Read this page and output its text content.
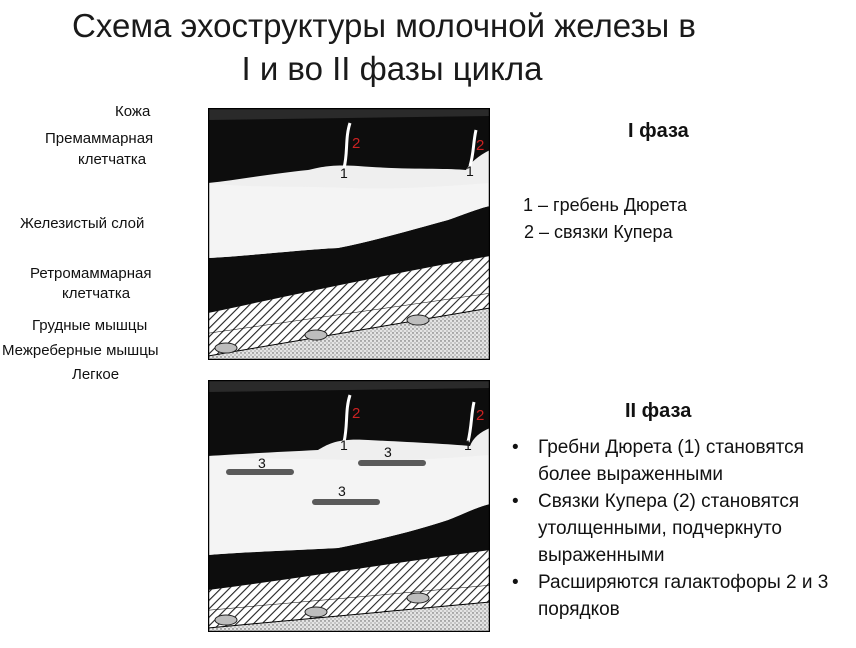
Схема эхоструктуры молочной железы в
I и во II фазы цикла
Кожа
Премаммарная
клетчатка
Железистый слой
Ретромаммарная
клетчатка
Грудные мышцы
Межреберные мышцы
Легкое
2	2
1	1
2	2
1	1
3
3
3
I фаза
1 – гребень Дюрета
2 – связки Купера
II фаза
• Гребни Дюрета (1) становятся более выраженными
• Связки Купера (2) становятся утолщенными, подчеркнуто выраженными
• Расширяются галактофоры 2 и 3 порядков
